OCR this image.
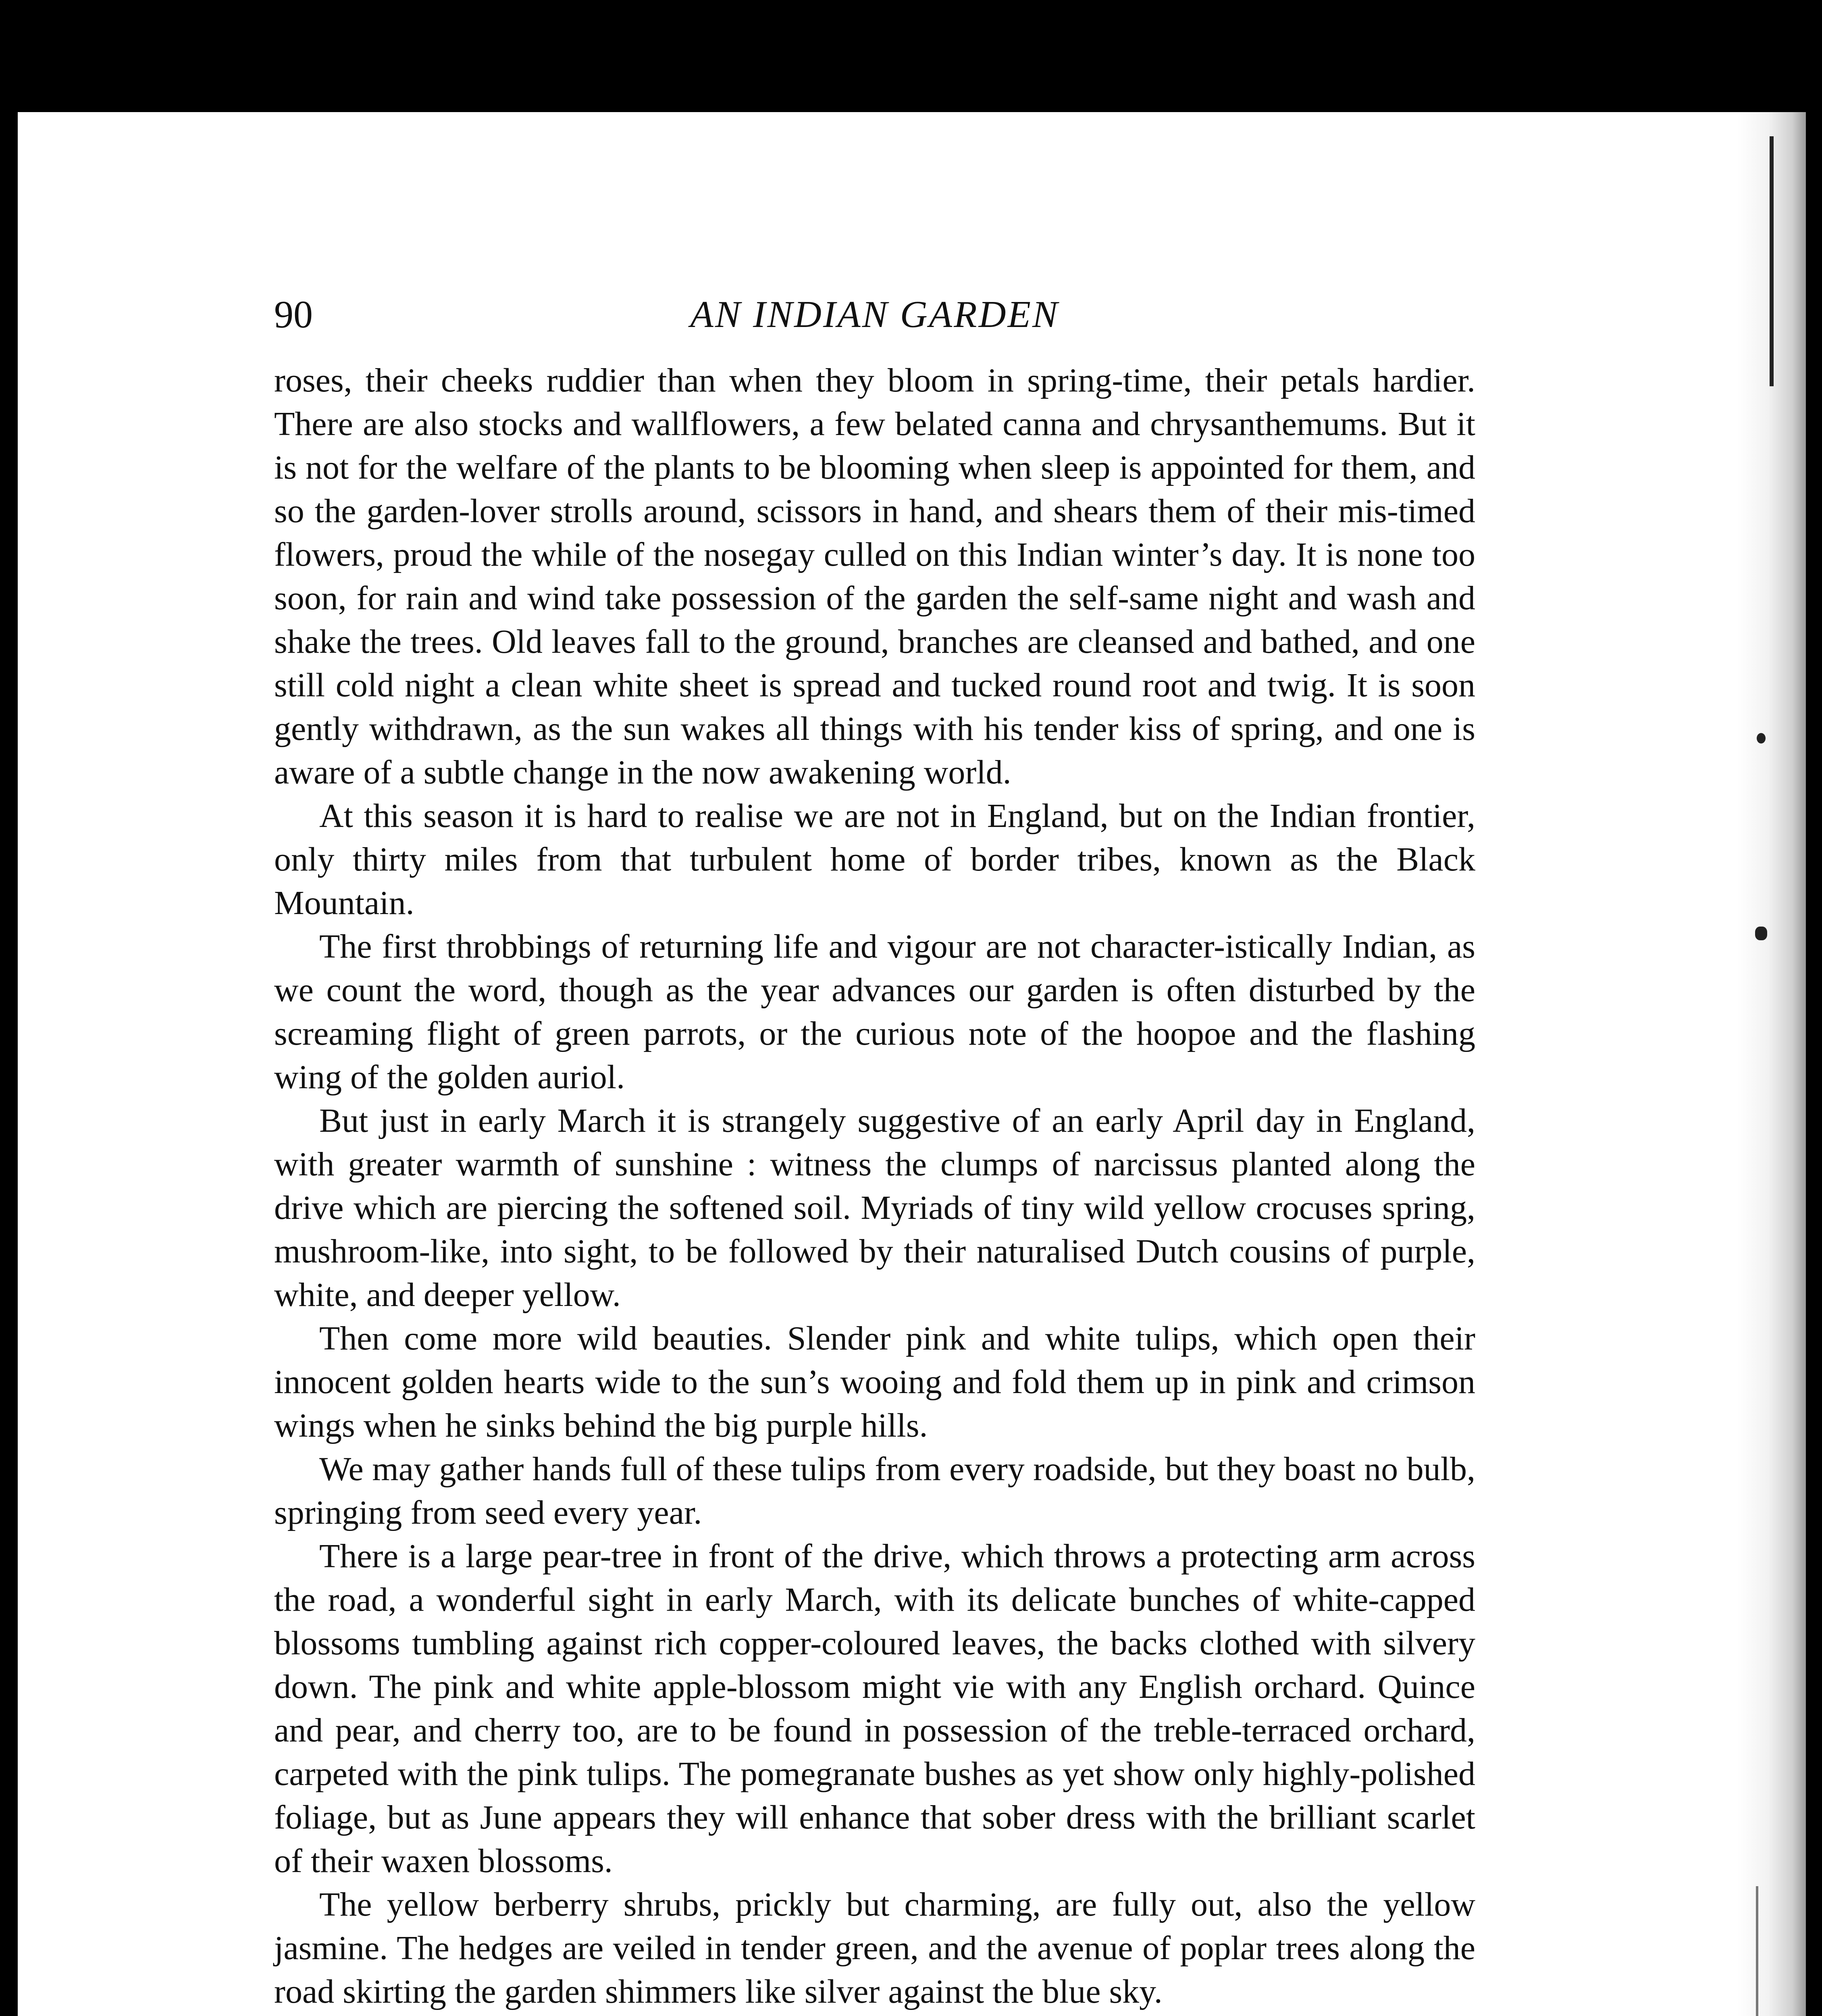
90	AN INDIAN GARDEN

roses, their cheeks ruddier than when they bloom in spring-time, their petals hardier. There are also stocks and wallflowers, a few belated canna and chrysanthemums. But it is not for the welfare of the plants to be blooming when sleep is appointed for them, and so the garden-lover strolls around, scissors in hand, and shears them of their mis-timed flowers, proud the while of the nosegay culled on this Indian winter’s day. It is none too soon, for rain and wind take possession of the garden the self-same night and wash and shake the trees. Old leaves fall to the ground, branches are cleansed and bathed, and one still cold night a clean white sheet is spread and tucked round root and twig. It is soon gently withdrawn, as the sun wakes all things with his tender kiss of spring, and one is aware of a subtle change in the now awakening world.

At this season it is hard to realise we are not in England, but on the Indian frontier, only thirty miles from that turbulent home of border tribes, known as the Black Mountain.

The first throbbings of returning life and vigour are not character-istically Indian, as we count the word, though as the year advances our garden is often disturbed by the screaming flight of green parrots, or the curious note of the hoopoe and the flashing wing of the golden auriol.

But just in early March it is strangely suggestive of an early April day in England, with greater warmth of sunshine : witness the clumps of narcissus planted along the drive which are piercing the softened soil. Myriads of tiny wild yellow crocuses spring, mushroom-like, into sight, to be followed by their naturalised Dutch cousins of purple, white, and deeper yellow.

Then come more wild beauties. Slender pink and white tulips, which open their innocent golden hearts wide to the sun’s wooing and fold them up in pink and crimson wings when he sinks behind the big purple hills.

We may gather hands full of these tulips from every roadside, but they boast no bulb, springing from seed every year.

There is a large pear-tree in front of the drive, which throws a protecting arm across the road, a wonderful sight in early March, with its delicate bunches of white-capped blossoms tumbling against rich copper-coloured leaves, the backs clothed with silvery down. The pink and white apple-blossom might vie with any English orchard. Quince and pear, and cherry too, are to be found in possession of the treble-terraced orchard, carpeted with the pink tulips. The pomegranate bushes as yet show only highly-polished foliage, but as June appears they will enhance that sober dress with the brilliant scarlet of their waxen blossoms.

The yellow berberry shrubs, prickly but charming, are fully out, also the yellow jasmine. The hedges are veiled in tender green, and the avenue of poplar trees along the road skirting the garden shimmers like silver against the blue sky.
